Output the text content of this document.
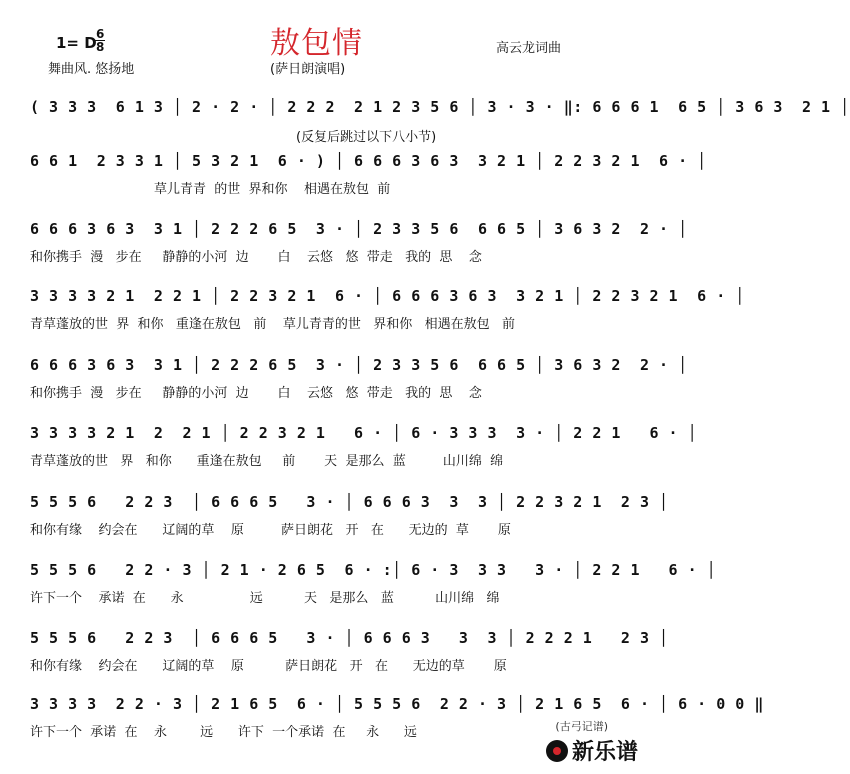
敖包情
1= D 6
8
舞曲风. 悠扬地	(萨日朗演唱)
高云龙词曲
(反复后跳过以下八小节)
( 3 3 3  6 1 3 │ 2 · 2 · │ 2 2 2  2 1 2 3 5 6 │ 3 · 3 · ‖: 6 6 6 1  6 5 │ 3 6 3  2 1 │
6 6 1  2 3 3 1 │ 5 3 2 1  6 · ) │ 6 6 6 3 6 3  3 2 1 │ 2 2 3 2 1  6 · │
草儿青青  的世  界和你    相遇在敖包  前
6 6 6 3 6 3  3 1 │ 2 2 2 6 5  3 · │ 2 3 3 5 6  6 6 5 │ 3 6 3 2  2 · │
和你携手  漫   步在     静静的小河  边       白    云悠   悠  带走   我的  思    念
3 3 3 3 2 1  2 2 1 │ 2 2 3 2 1  6 · │ 6 6 6 3 6 3  3 2 1 │ 2 2 3 2 1  6 · │
青草蓬放的世  界  和你   重逢在敖包   前    草儿青青的世   界和你   相遇在敖包   前
6 6 6 3 6 3  3 1 │ 2 2 2 6 5  3 · │ 2 3 3 5 6  6 6 5 │ 3 6 3 2  2 · │
和你携手  漫   步在     静静的小河  边       白    云悠   悠  带走   我的  思    念
3 3 3 3 2 1  2  2 1 │ 2 2 3 2 1   6 · │ 6 · 3 3 3  3 · │ 2 2 1   6 · │
青草蓬放的世   界   和你      重逢在敖包     前       天  是那么  蓝         山川绵  绵
5 5 5 6   2 2 3  │ 6 6 6 5   3 · │ 6 6 6 3  3  3 │ 2 2 3 2 1  2 3 │
和你有缘    约会在      辽阔的草    原         萨日朗花   开   在      无边的  草       原
5 5 5 6   2 2 · 3 │ 2 1 · 2 6 5  6 · :│ 6 · 3  3 3   3 · │ 2 2 1   6 · │
许下一个    承诺  在      永                远          天   是那么   蓝          山川绵   绵
5 5 5 6   2 2 3  │ 6 6 6 5   3 · │ 6 6 6 3   3  3 │ 2 2 2 1   2 3 │
和你有缘    约会在      辽阔的草    原          萨日朗花   开   在      无边的草       原
3 3 3 3  2 2 · 3 │ 2 1 6 5  6 · │ 5 5 5 6  2 2 · 3 │ 2 1 6 5  6 · │ 6 · 0 0 ‖
许下一个  承诺  在    永        远      许下  一个承诺  在     永      远	(古弓记谱)
新乐谱
